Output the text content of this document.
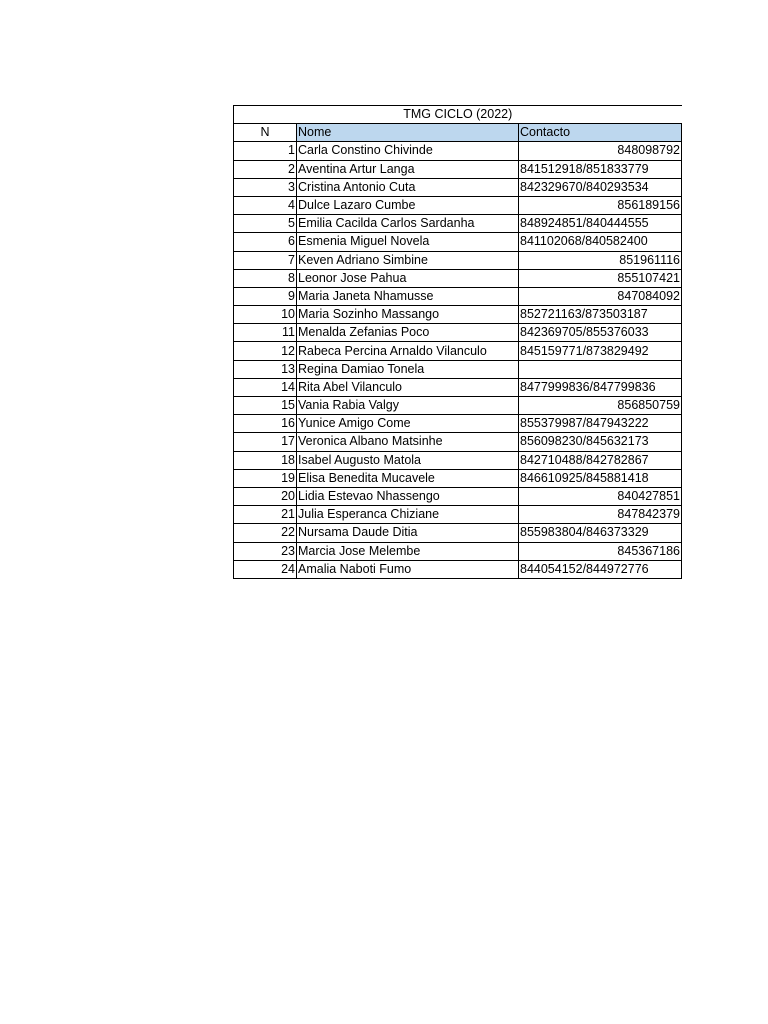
TMG CICLO (2022)		
N	Nome	Contacto
1	Carla Constino Chivinde	848098792
2	Aventina Artur Langa	841512918/851833779
3	Cristina Antonio Cuta	842329670/840293534
4	Dulce Lazaro Cumbe	856189156
5	Emilia Cacilda Carlos Sardanha	848924851/840444555
6	Esmenia Miguel Novela	841102068/840582400
7	Keven Adriano Simbine	851961116
8	Leonor Jose Pahua	855107421
9	Maria Janeta Nhamusse	847084092
10	Maria Sozinho Massango	852721163/873503187
11	Menalda Zefanias Poco	842369705/855376033
12	Rabeca Percina Arnaldo Vilanculo	845159771/873829492
13	Regina Damiao Tonela	
14	Rita Abel Vilanculo	8477999836/847799836
15	Vania Rabia Valgy	856850759
16	Yunice Amigo Come	855379987/847943222
17	Veronica Albano Matsinhe	856098230/845632173
18	Isabel Augusto Matola	842710488/842782867
19	Elisa Benedita Mucavele	846610925/845881418
20	Lidia Estevao Nhassengo	840427851
21	Julia Esperanca Chiziane	847842379
22	Nursama Daude Ditia	855983804/846373329
23	Marcia Jose Melembe	845367186
24	Amalia Naboti Fumo	844054152/844972776
